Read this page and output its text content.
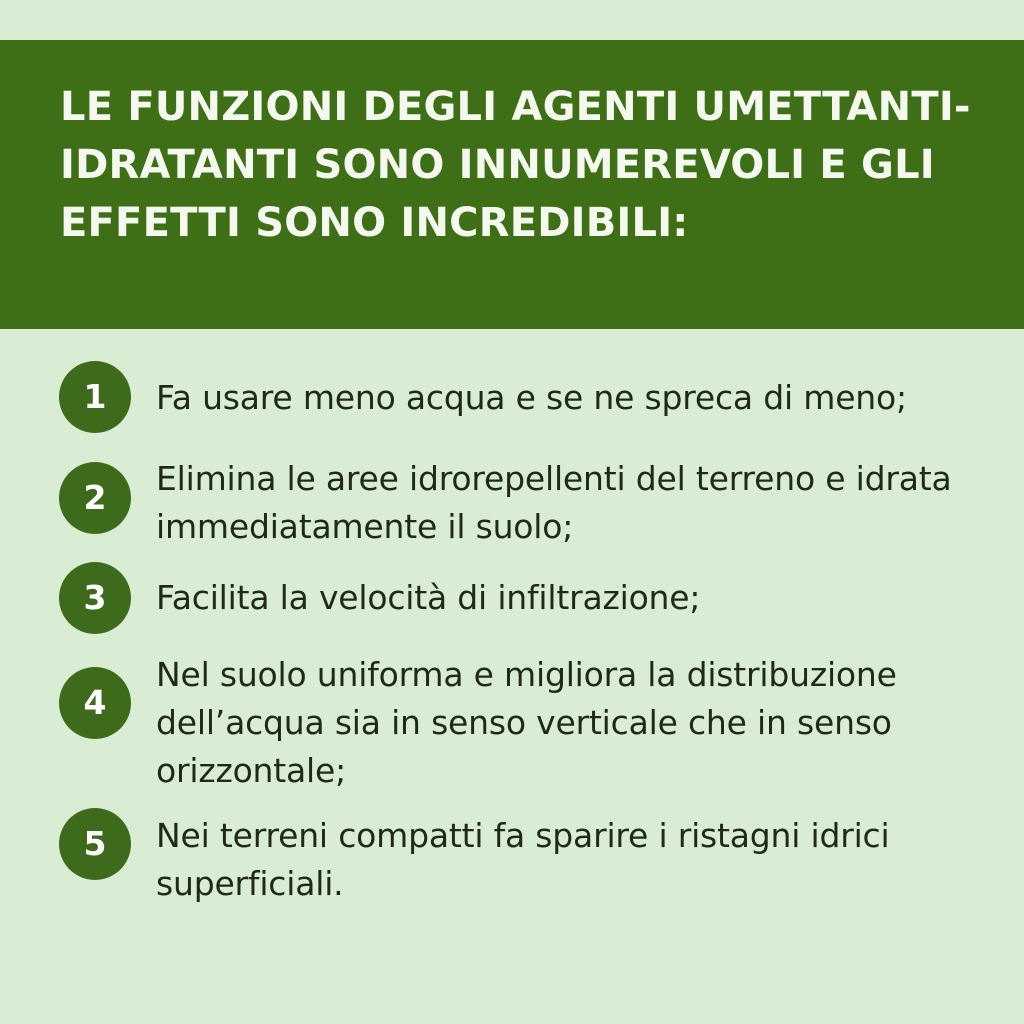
LE FUNZIONI DEGLI AGENTI UMETTANTI-IDRATANTI SONO INNUMEREVOLI E GLI EFFETTI SONO INCREDIBILI:
1	Fa usare meno acqua e se ne spreca di meno;
2	Elimina le aree idrorepellenti del terreno e idrata immediatamente il suolo;
3	Facilita la velocità di infiltrazione;
4
Nel suolo uniforma e migliora la distribuzione dell’acqua sia in senso verticale che in senso orizzontale;
5	Nei terreni compatti fa sparire i ristagni idrici superficiali.
